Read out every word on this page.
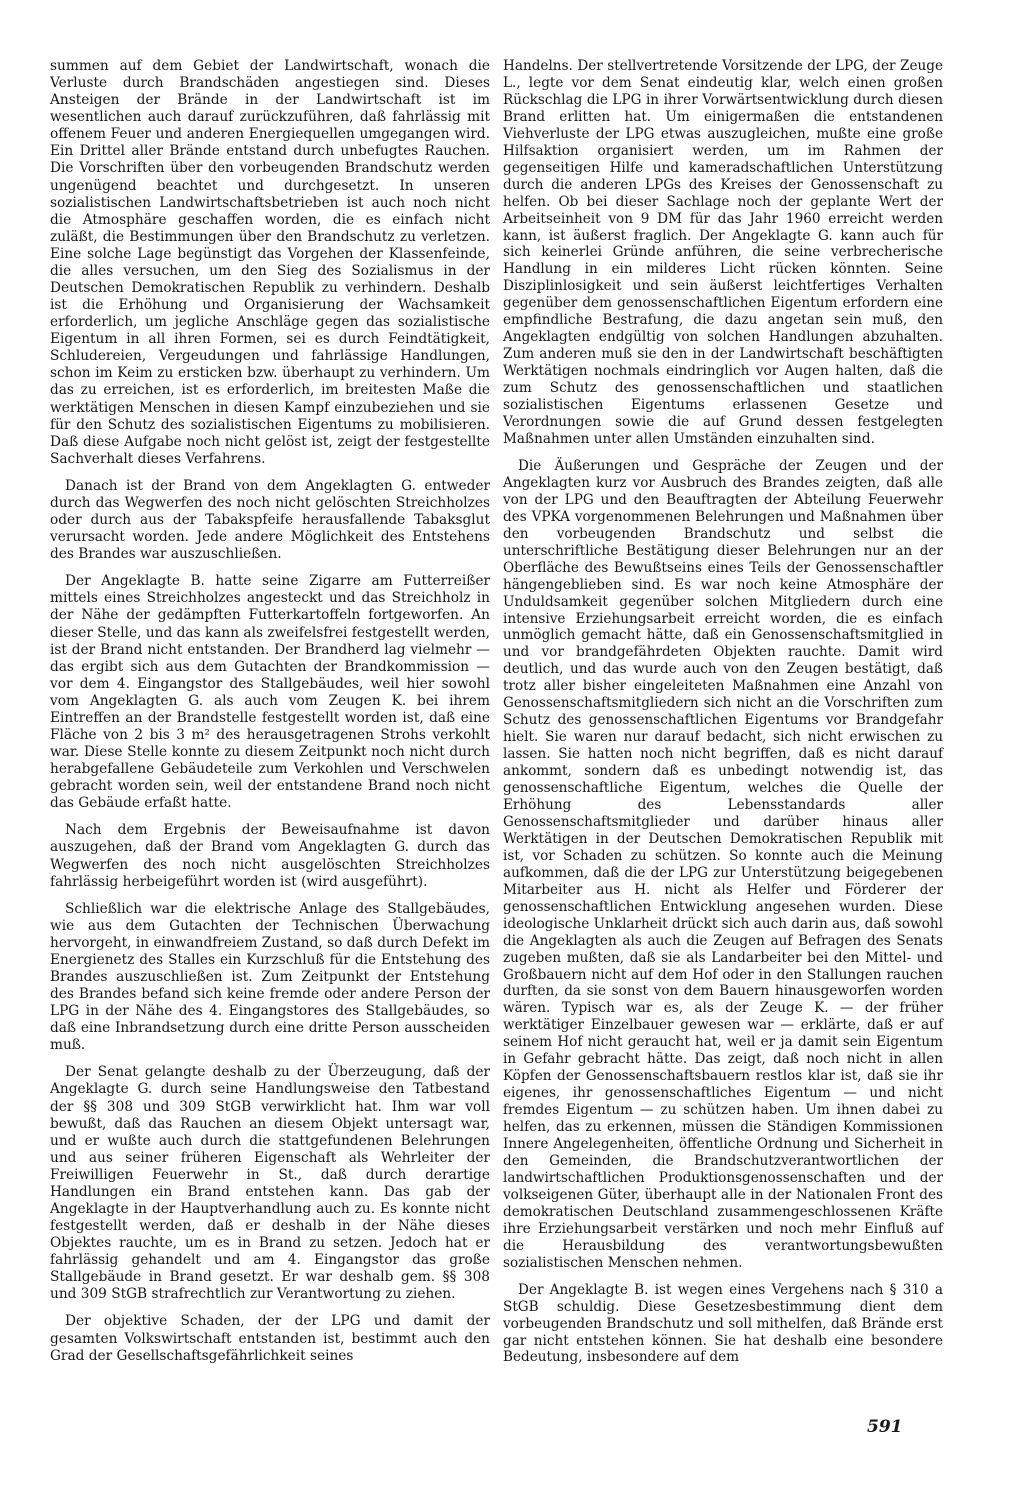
summen auf dem Gebiet der Landwirtschaft, wonach die Verluste durch Brandschäden angestiegen sind. Dieses Ansteigen der Brände in der Landwirtschaft ist im wesentlichen auch darauf zurückzuführen, daß fahrlässig mit offenem Feuer und anderen Energiequellen umgegangen wird. Ein Drittel aller Brände entstand durch unbefugtes Rauchen. Die Vorschriften über den vorbeugenden Brandschutz werden ungenügend beachtet und durchgesetzt. In unseren sozialistischen Landwirtschaftsbetrieben ist auch noch nicht die Atmosphäre geschaffen worden, die es einfach nicht zuläßt, die Bestimmungen über den Brandschutz zu verletzen. Eine solche Lage begünstigt das Vorgehen der Klassenfeinde, die alles versuchen, um den Sieg des Sozialismus in der Deutschen Demokratischen Republik zu verhindern. Deshalb ist die Erhöhung und Organisierung der Wachsamkeit erforderlich, um jegliche Anschläge gegen das sozialistische Eigentum in all ihren Formen, sei es durch Feindtätigkeit, Schludereien, Vergeudungen und fahrlässige Handlungen, schon im Keim zu ersticken bzw. überhaupt zu verhindern. Um das zu erreichen, ist es erforderlich, im breitesten Maße die werktätigen Menschen in diesen Kampf einzubeziehen und sie für den Schutz des sozialistischen Eigentums zu mobilisieren. Daß diese Aufgabe noch nicht gelöst ist, zeigt der festgestellte Sachverhalt dieses Verfahrens.

Danach ist der Brand von dem Angeklagten G. entweder durch das Wegwerfen des noch nicht gelöschten Streichholzes oder durch aus der Tabakspfeife herausfallende Tabaksglut verursacht worden. Jede andere Möglichkeit des Entstehens des Brandes war auszuschließen.

Der Angeklagte B. hatte seine Zigarre am Futterreißer mittels eines Streichholzes angesteckt und das Streichholz in der Nähe der gedämpften Futterkartoffeln fortgeworfen. An dieser Stelle, und das kann als zweifelsfrei festgestellt werden, ist der Brand nicht entstanden. Der Brandherd lag vielmehr — das ergibt sich aus dem Gutachten der Brandkommission — vor dem 4. Eingangstor des Stallgebäudes, weil hier sowohl vom Angeklagten G. als auch vom Zeugen K. bei ihrem Eintreffen an der Brandstelle festgestellt worden ist, daß eine Fläche von 2 bis 3 m² des herausgetragenen Strohs verkohlt war. Diese Stelle konnte zu diesem Zeitpunkt noch nicht durch herabgefallene Gebäudeteile zum Verkohlen und Verschwelen gebracht worden sein, weil der entstandene Brand noch nicht das Gebäude erfaßt hatte.

Nach dem Ergebnis der Beweisaufnahme ist davon auszugehen, daß der Brand vom Angeklagten G. durch das Wegwerfen des noch nicht ausgelöschten Streichholzes fahrlässig herbeigeführt worden ist (wird ausgeführt).

Schließlich war die elektrische Anlage des Stallgebäudes, wie aus dem Gutachten der Technischen Überwachung hervorgeht, in einwandfreiem Zustand, so daß durch Defekt im Energienetz des Stalles ein Kurzschluß für die Entstehung des Brandes auszuschließen ist. Zum Zeitpunkt der Entstehung des Brandes befand sich keine fremde oder andere Person der LPG in der Nähe des 4. Eingangstores des Stallgebäudes, so daß eine Inbrandsetzung durch eine dritte Person ausscheiden muß.

Der Senat gelangte deshalb zu der Überzeugung, daß der Angeklagte G. durch seine Handlungsweise den Tatbestand der §§ 308 und 309 StGB verwirklicht hat. Ihm war voll bewußt, daß das Rauchen an diesem Objekt untersagt war, und er wußte auch durch die stattgefundenen Belehrungen und aus seiner früheren Eigenschaft als Wehrleiter der Freiwilligen Feuerwehr in St., daß durch derartige Handlungen ein Brand entstehen kann. Das gab der Angeklagte in der Hauptverhandlung auch zu. Es konnte nicht festgestellt werden, daß er deshalb in der Nähe dieses Objektes rauchte, um es in Brand zu setzen. Jedoch hat er fahrlässig gehandelt und am 4. Eingangstor das große Stallgebäude in Brand gesetzt. Er war deshalb gem. §§ 308 und 309 StGB strafrechtlich zur Verantwortung zu ziehen.

Der objektive Schaden, der der LPG und damit der gesamten Volkswirtschaft entstanden ist, bestimmt auch den Grad der Gesellschaftsgefährlichkeit seines

Handelns. Der stellvertretende Vorsitzende der LPG, der Zeuge L., legte vor dem Senat eindeutig klar, welch einen großen Rückschlag die LPG in ihrer Vorwärtsentwicklung durch diesen Brand erlitten hat. Um einigermaßen die entstandenen Viehverluste der LPG etwas auszugleichen, mußte eine große Hilfsaktion organisiert werden, um im Rahmen der gegenseitigen Hilfe und kameradschaftlichen Unterstützung durch die anderen LPGs des Kreises der Genossenschaft zu helfen. Ob bei dieser Sachlage noch der geplante Wert der Arbeitseinheit von 9 DM für das Jahr 1960 erreicht werden kann, ist äußerst fraglich. Der Angeklagte G. kann auch für sich keinerlei Gründe anführen, die seine verbrecherische Handlung in ein milderes Licht rücken könnten. Seine Disziplinlosigkeit und sein äußerst leichtfertiges Verhalten gegenüber dem genossenschaftlichen Eigentum erfordern eine empfindliche Bestrafung, die dazu angetan sein muß, den Angeklagten endgültig von solchen Handlungen abzuhalten. Zum anderen muß sie den in der Landwirtschaft beschäftigten Werktätigen nochmals eindringlich vor Augen halten, daß die zum Schutz des genossenschaftlichen und staatlichen sozialistischen Eigentums erlassenen Gesetze und Verordnungen sowie die auf Grund dessen festgelegten Maßnahmen unter allen Umständen einzuhalten sind.

Die Äußerungen und Gespräche der Zeugen und der Angeklagten kurz vor Ausbruch des Brandes zeigten, daß alle von der LPG und den Beauftragten der Abteilung Feuerwehr des VPKA vorgenommenen Belehrungen und Maßnahmen über den vorbeugenden Brandschutz und selbst die unterschriftliche Bestätigung dieser Belehrungen nur an der Oberfläche des Bewußtseins eines Teils der Genossenschaftler hängengeblieben sind. Es war noch keine Atmosphäre der Unduldsamkeit gegenüber solchen Mitgliedern durch eine intensive Erziehungsarbeit erreicht worden, die es einfach unmöglich gemacht hätte, daß ein Genossenschaftsmitglied in und vor brandgefährdeten Objekten rauchte. Damit wird deutlich, und das wurde auch von den Zeugen bestätigt, daß trotz aller bisher eingeleiteten Maßnahmen eine Anzahl von Genossenschaftsmitgliedern sich nicht an die Vorschriften zum Schutz des genossenschaftlichen Eigentums vor Brandgefahr hielt. Sie waren nur darauf bedacht, sich nicht erwischen zu lassen. Sie hatten noch nicht begriffen, daß es nicht darauf ankommt, sondern daß es unbedingt notwendig ist, das genossenschaftliche Eigentum, welches die Quelle der Erhöhung des Lebensstandards aller Genossenschaftsmitglieder und darüber hinaus aller Werktätigen in der Deutschen Demokratischen Republik mit ist, vor Schaden zu schützen. So konnte auch die Meinung aufkommen, daß die der LPG zur Unterstützung beigegebenen Mitarbeiter aus H. nicht als Helfer und Förderer der genossenschaftlichen Entwicklung angesehen wurden. Diese ideologische Unklarheit drückt sich auch darin aus, daß sowohl die Angeklagten als auch die Zeugen auf Befragen des Senats zugeben mußten, daß sie als Landarbeiter bei den Mittel- und Großbauern nicht auf dem Hof oder in den Stallungen rauchen durften, da sie sonst von dem Bauern hinausgeworfen worden wären. Typisch war es, als der Zeuge K. — der früher werktätiger Einzelbauer gewesen war — erklärte, daß er auf seinem Hof nicht geraucht hat, weil er ja damit sein Eigentum in Gefahr gebracht hätte. Das zeigt, daß noch nicht in allen Köpfen der Genossenschaftsbauern restlos klar ist, daß sie ihr eigenes, ihr genossenschaftliches Eigentum — und nicht fremdes Eigentum — zu schützen haben. Um ihnen dabei zu helfen, das zu erkennen, müssen die Ständigen Kommissionen Innere Angelegenheiten, öffentliche Ordnung und Sicherheit in den Gemeinden, die Brandschutzverantwortlichen der landwirtschaftlichen Produktionsgenossenschaften und der volkseigenen Güter, überhaupt alle in der Nationalen Front des demokratischen Deutschland zusammengeschlossenen Kräfte ihre Erziehungsarbeit verstärken und noch mehr Einfluß auf die Herausbildung des verantwortungsbewußten sozialistischen Menschen nehmen.

Der Angeklagte B. ist wegen eines Vergehens nach § 310 a StGB schuldig. Diese Gesetzesbestimmung dient dem vorbeugenden Brandschutz und soll mithelfen, daß Brände erst gar nicht entstehen können. Sie hat deshalb eine besondere Bedeutung, insbesondere auf dem

591
